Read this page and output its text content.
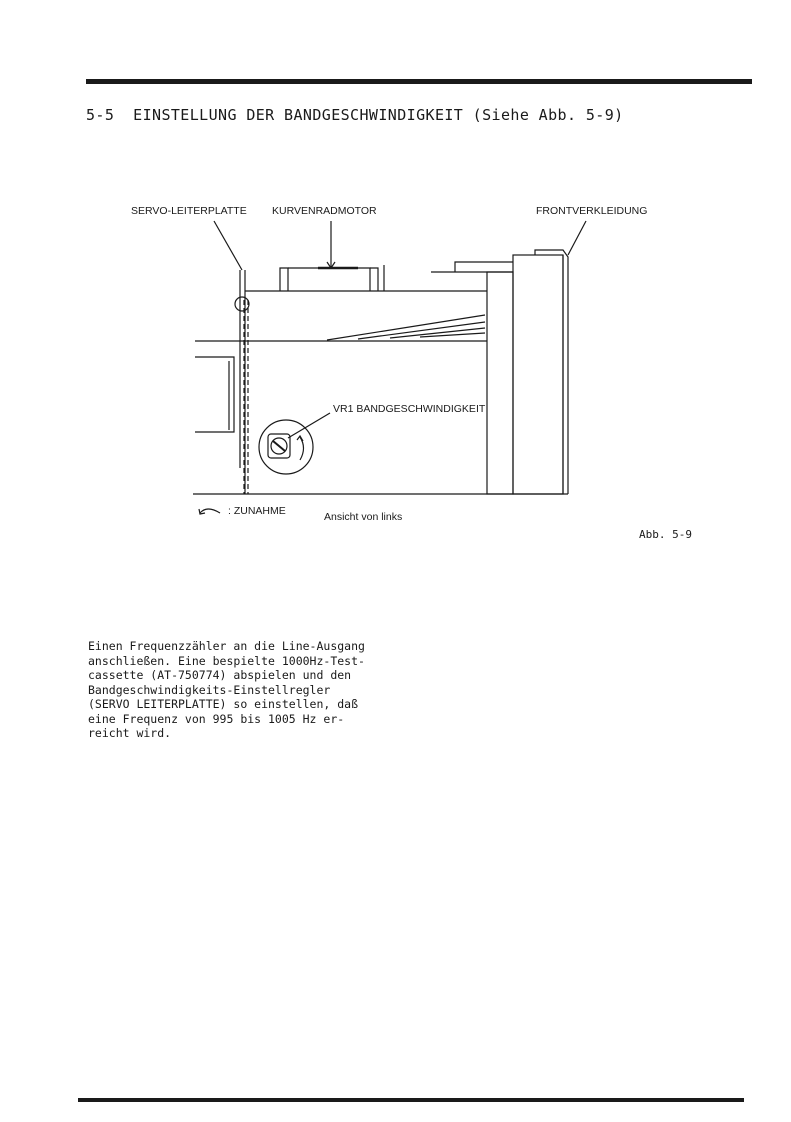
5-5  EINSTELLUNG DER BANDGESCHWINDIGKEIT (Siehe Abb. 5-9)
SERVO-LEITERPLATTE KURVENRADMOTOR	FRONTVERKLEIDUNG
VR1 BANDGESCHWINDIGKEIT
: ZUNAHME	Ansicht von links
Abb. 5-9
Einen Frequenzzähler an die Line-Ausgang
anschließen. Eine bespielte 1000Hz-Test-
cassette (AT-750774) abspielen und den
Bandgeschwindigkeits-Einstellregler
(SERVO LEITERPLATTE) so einstellen, daß
eine Frequenz von 995 bis 1005 Hz er-
reicht wird.
